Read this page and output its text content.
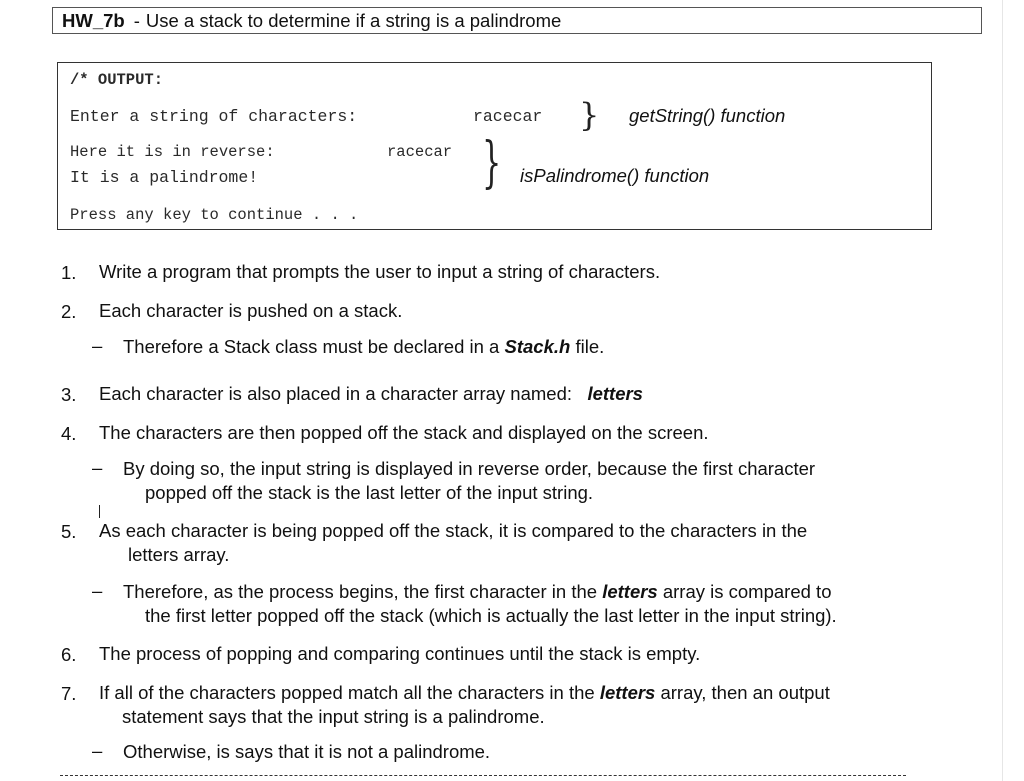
HW_7b - Use a stack to determine if a string is a palindrome
/* OUTPUT:
Enter a string of characters:	racecar } getString() function
Here it is in reverse:	racecar
It is a palindrome!	} isPalindrome() function
Press any key to continue . . .
1. Write a program that prompts the user to input a string of characters.
2. Each character is pushed on a stack.
– Therefore a Stack class must be declared in a Stack.h file.
3. Each character is also placed in a character array named: letters
4. The characters are then popped off the stack and displayed on the screen.
– By doing so, the input string is displayed in reverse order, because the first character
popped off the stack is the last letter of the input string.
5. As each character is being popped off the stack, it is compared to the characters in the
letters array.
– Therefore, as the process begins, the first character in the letters array is compared to
the first letter popped off the stack (which is actually the last letter in the input string).
6. The process of popping and comparing continues until the stack is empty.
7. If all of the characters popped match all the characters in the letters array, then an output
statement says that the input string is a palindrome.
– Otherwise, is says that it is not a palindrome.
